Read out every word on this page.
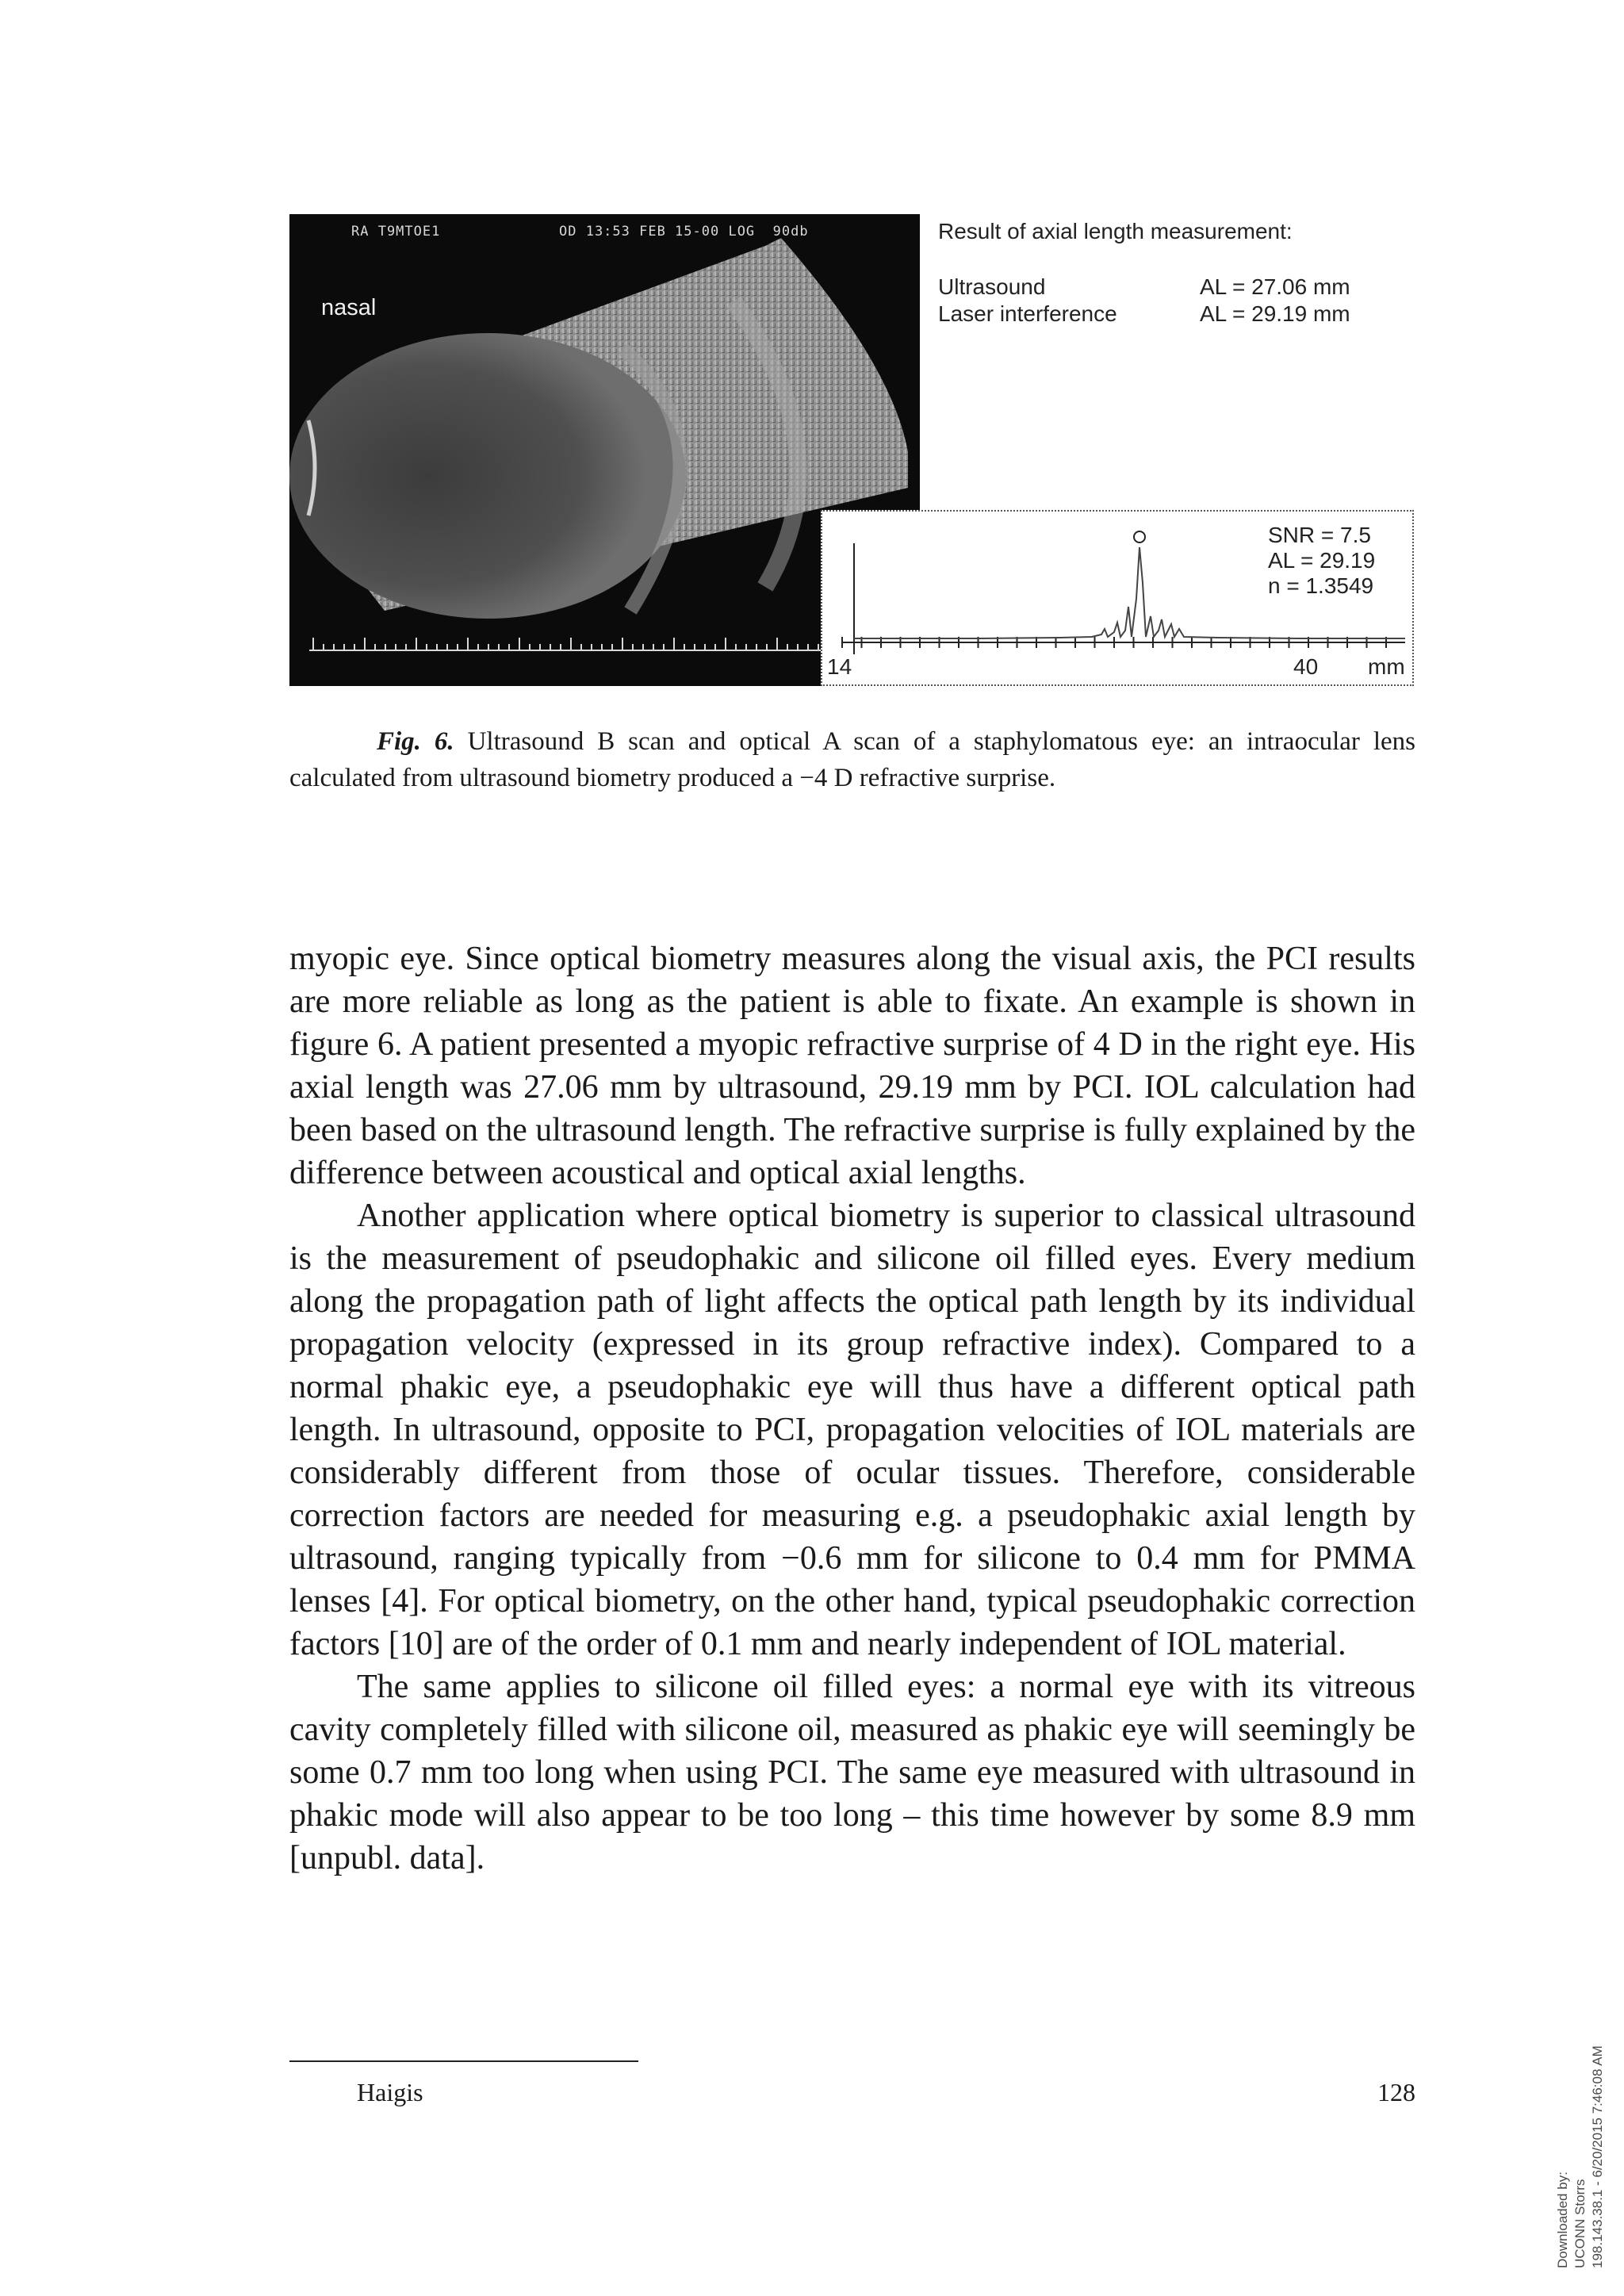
RA T9MTOE1	OD 13:53 FEB 15-00 LOG  90db
nasal
Result of axial length measurement:
Ultrasound	AL = 27.06 mm
Laser interference	AL = 29.19 mm
SNR = 7.5
AL = 29.19
n = 1.3549
14	40 mm
Fig. 6. Ultrasound B scan and optical A scan of a staphylomatous eye: an intraocular lens calculated from ultrasound biometry produced a −4 D refractive surprise.

myopic eye. Since optical biometry measures along the visual axis, the PCI results are more reliable as long as the patient is able to fixate. An example is shown in figure 6. A patient presented a myopic refractive surprise of 4 D in the right eye. His axial length was 27.06 mm by ultrasound, 29.19 mm by PCI. IOL calculation had been based on the ultrasound length. The refractive surprise is fully explained by the difference between acoustical and optical axial lengths.

Another application where optical biometry is superior to classical ultrasound is the measurement of pseudophakic and silicone oil filled eyes. Every medium along the propagation path of light affects the optical path length by its individual propagation velocity (expressed in its group refractive index). Compared to a normal phakic eye, a pseudophakic eye will thus have a different optical path length. In ultrasound, opposite to PCI, propagation velocities of IOL materials are considerably different from those of ocular tissues. Therefore, considerable correction factors are needed for measuring e.g. a pseudophakic axial length by ultrasound, ranging typically from −0.6 mm for silicone to 0.4 mm for PMMA lenses [4]. For optical biometry, on the other hand, typical pseudophakic correction factors [10] are of the order of 0.1 mm and nearly independent of IOL material.

The same applies to silicone oil filled eyes: a normal eye with its vitreous cavity completely filled with silicone oil, measured as phakic eye will seemingly be some 0.7 mm too long when using PCI. The same eye measured with ultrasound in phakic mode will also appear to be too long – this time however by some 8.9 mm [unpubl. data].

Haigis	128
Downloaded by: UCONN Storrs 198.143.38.1 - 6/20/2015 7:46:08 AM
